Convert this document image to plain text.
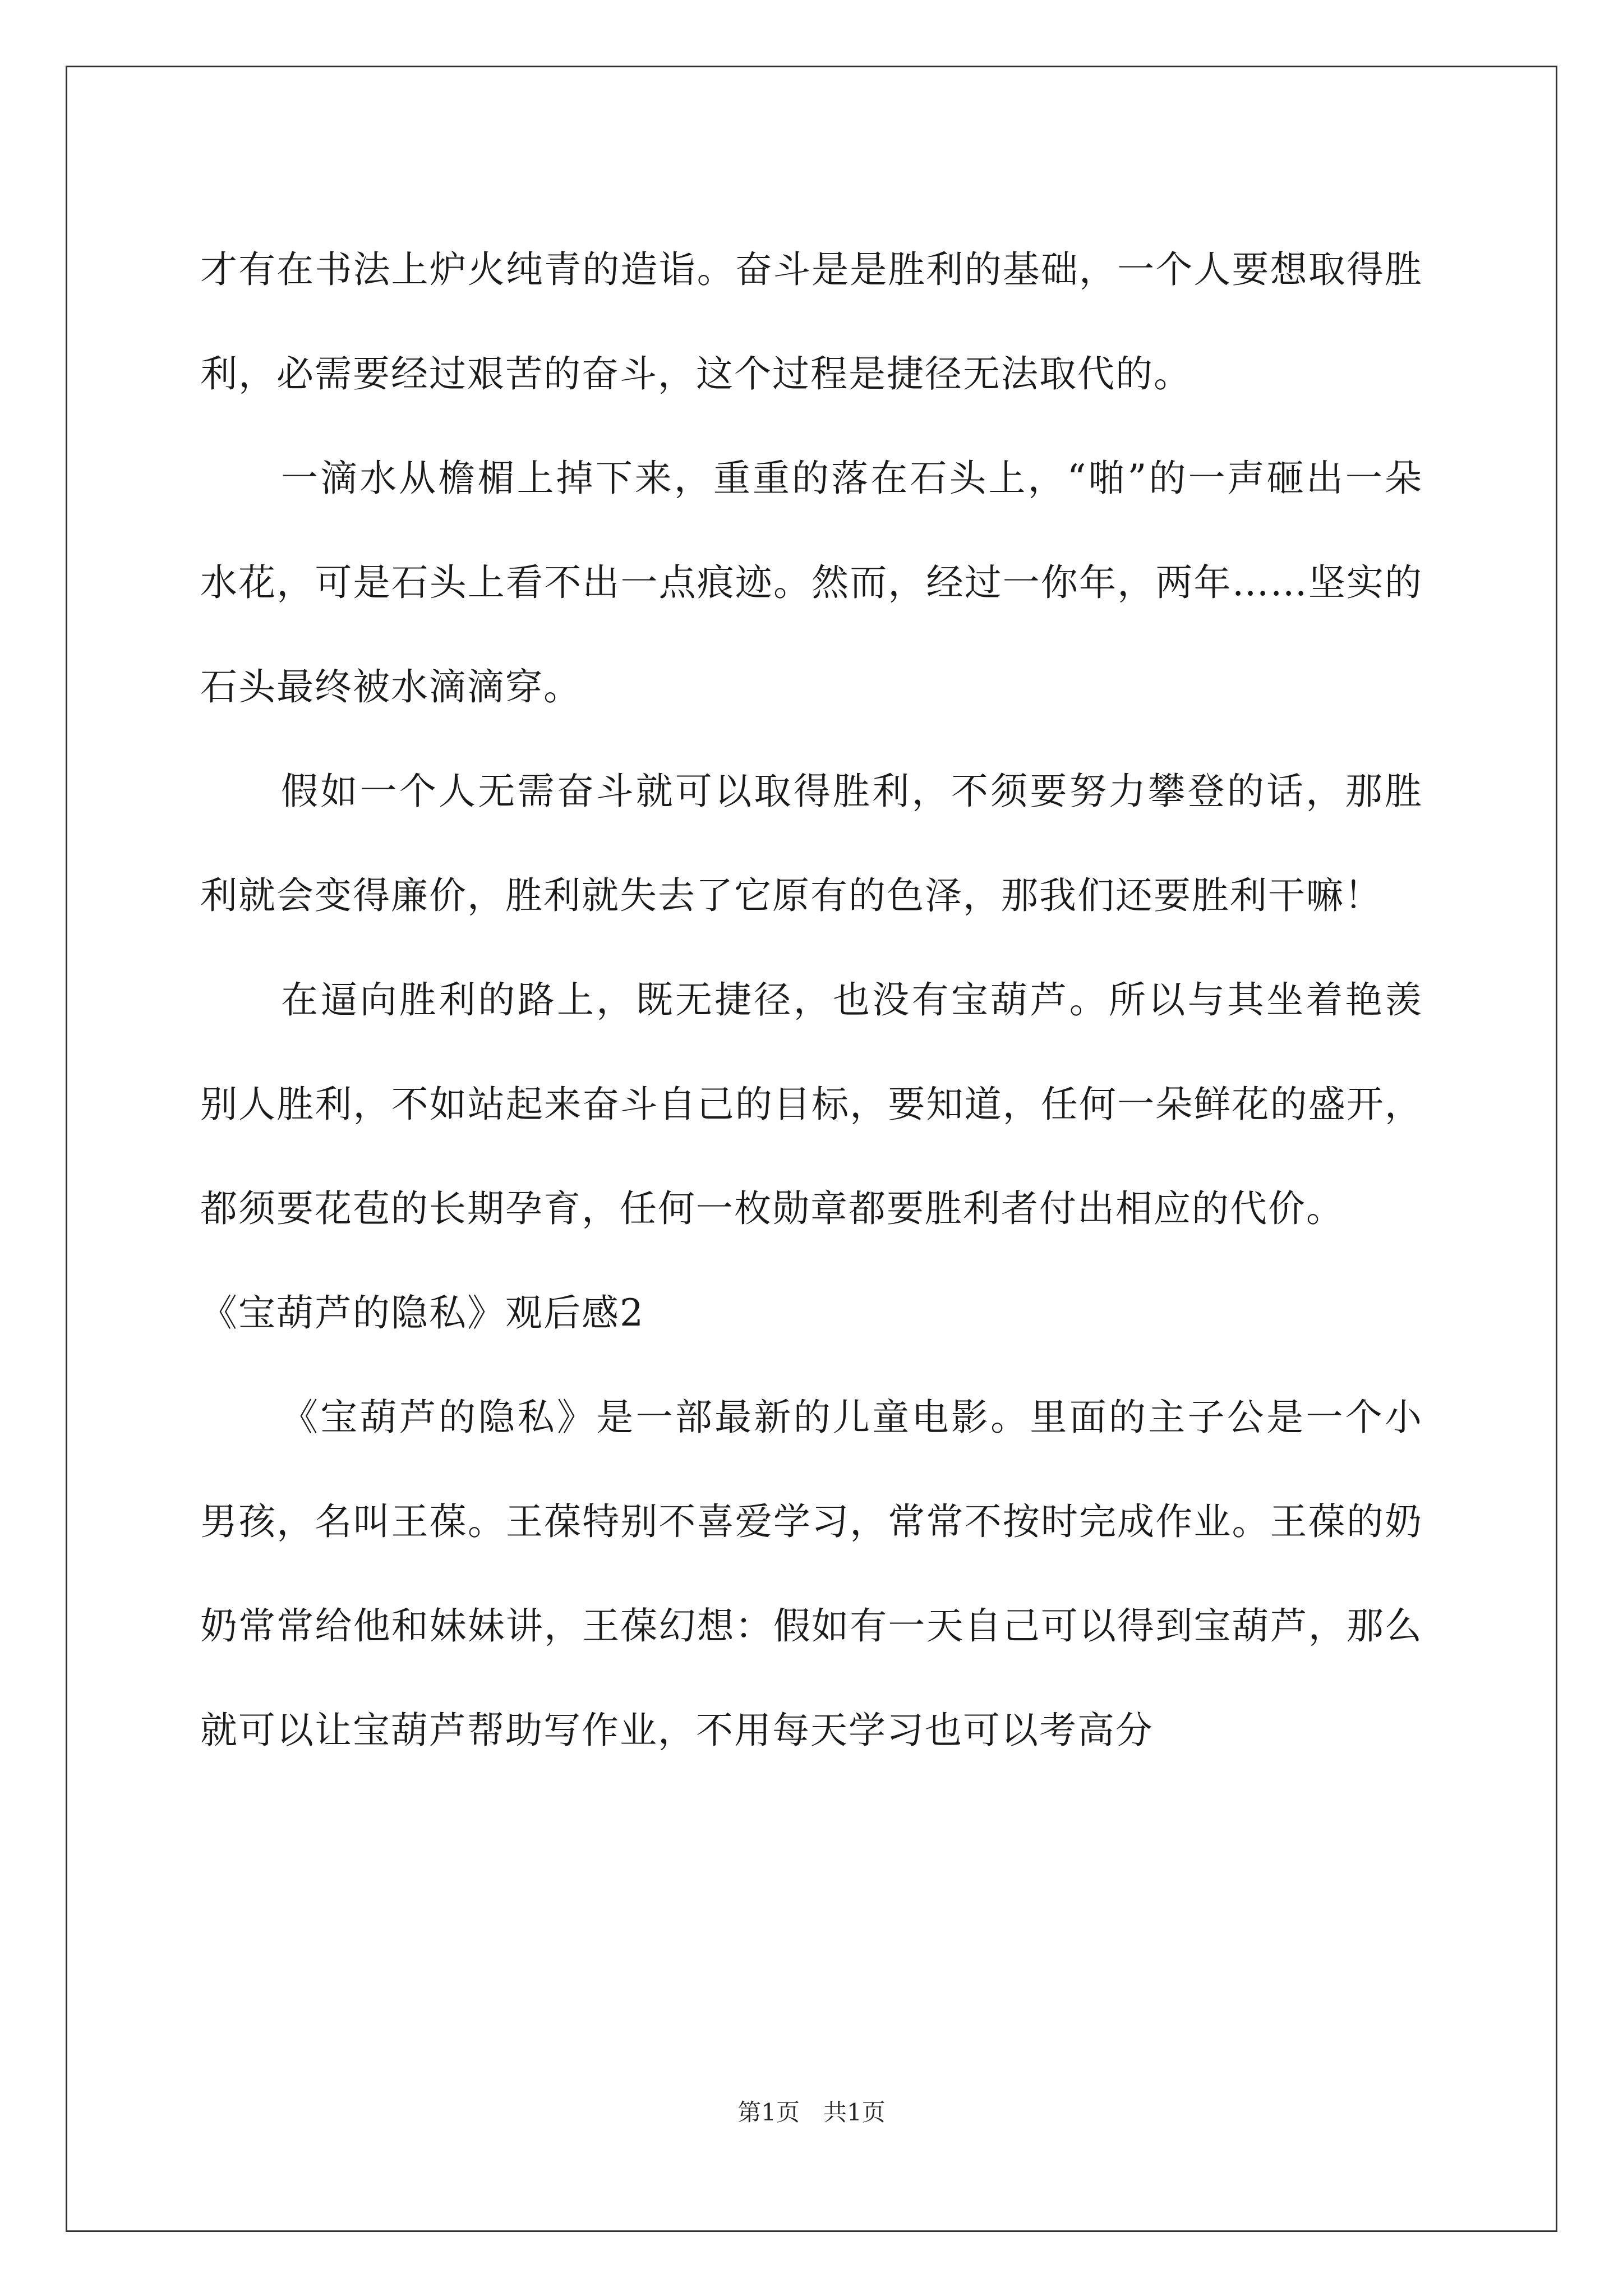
才有在书法上炉火纯青的造诣。奋斗是是胜利的基础，一个人要想取得胜利，必需要经过艰苦的奋斗，这个过程是捷径无法取代的。

一滴水从檐楣上掉下来，重重的落在石头上，“啪”的一声砸出一朵水花，可是石头上看不出一点痕迹。然而，经过一你年，两年……坚实的石头最终被水滴滴穿。

假如一个人无需奋斗就可以取得胜利，不须要努力攀登的话，那胜利就会变得廉价，胜利就失去了它原有的色泽，那我们还要胜利干嘛！

在逼向胜利的路上，既无捷径，也没有宝葫芦。所以与其坐着艳羡别人胜利，不如站起来奋斗自己的目标，要知道，任何一朵鲜花的盛开，都须要花苞的长期孕育，任何一枚勋章都要胜利者付出相应的代价。

《宝葫芦的隐私》观后感2

《宝葫芦的隐私》是一部最新的儿童电影。里面的主子公是一个小男孩，名叫王葆。王葆特别不喜爱学习，常常不按时完成作业。王葆的奶奶常常给他和妹妹讲，王葆幻想：假如有一天自己可以得到宝葫芦，那么就可以让宝葫芦帮助写作业，不用每天学习也可以考高分

第1页　共1页
